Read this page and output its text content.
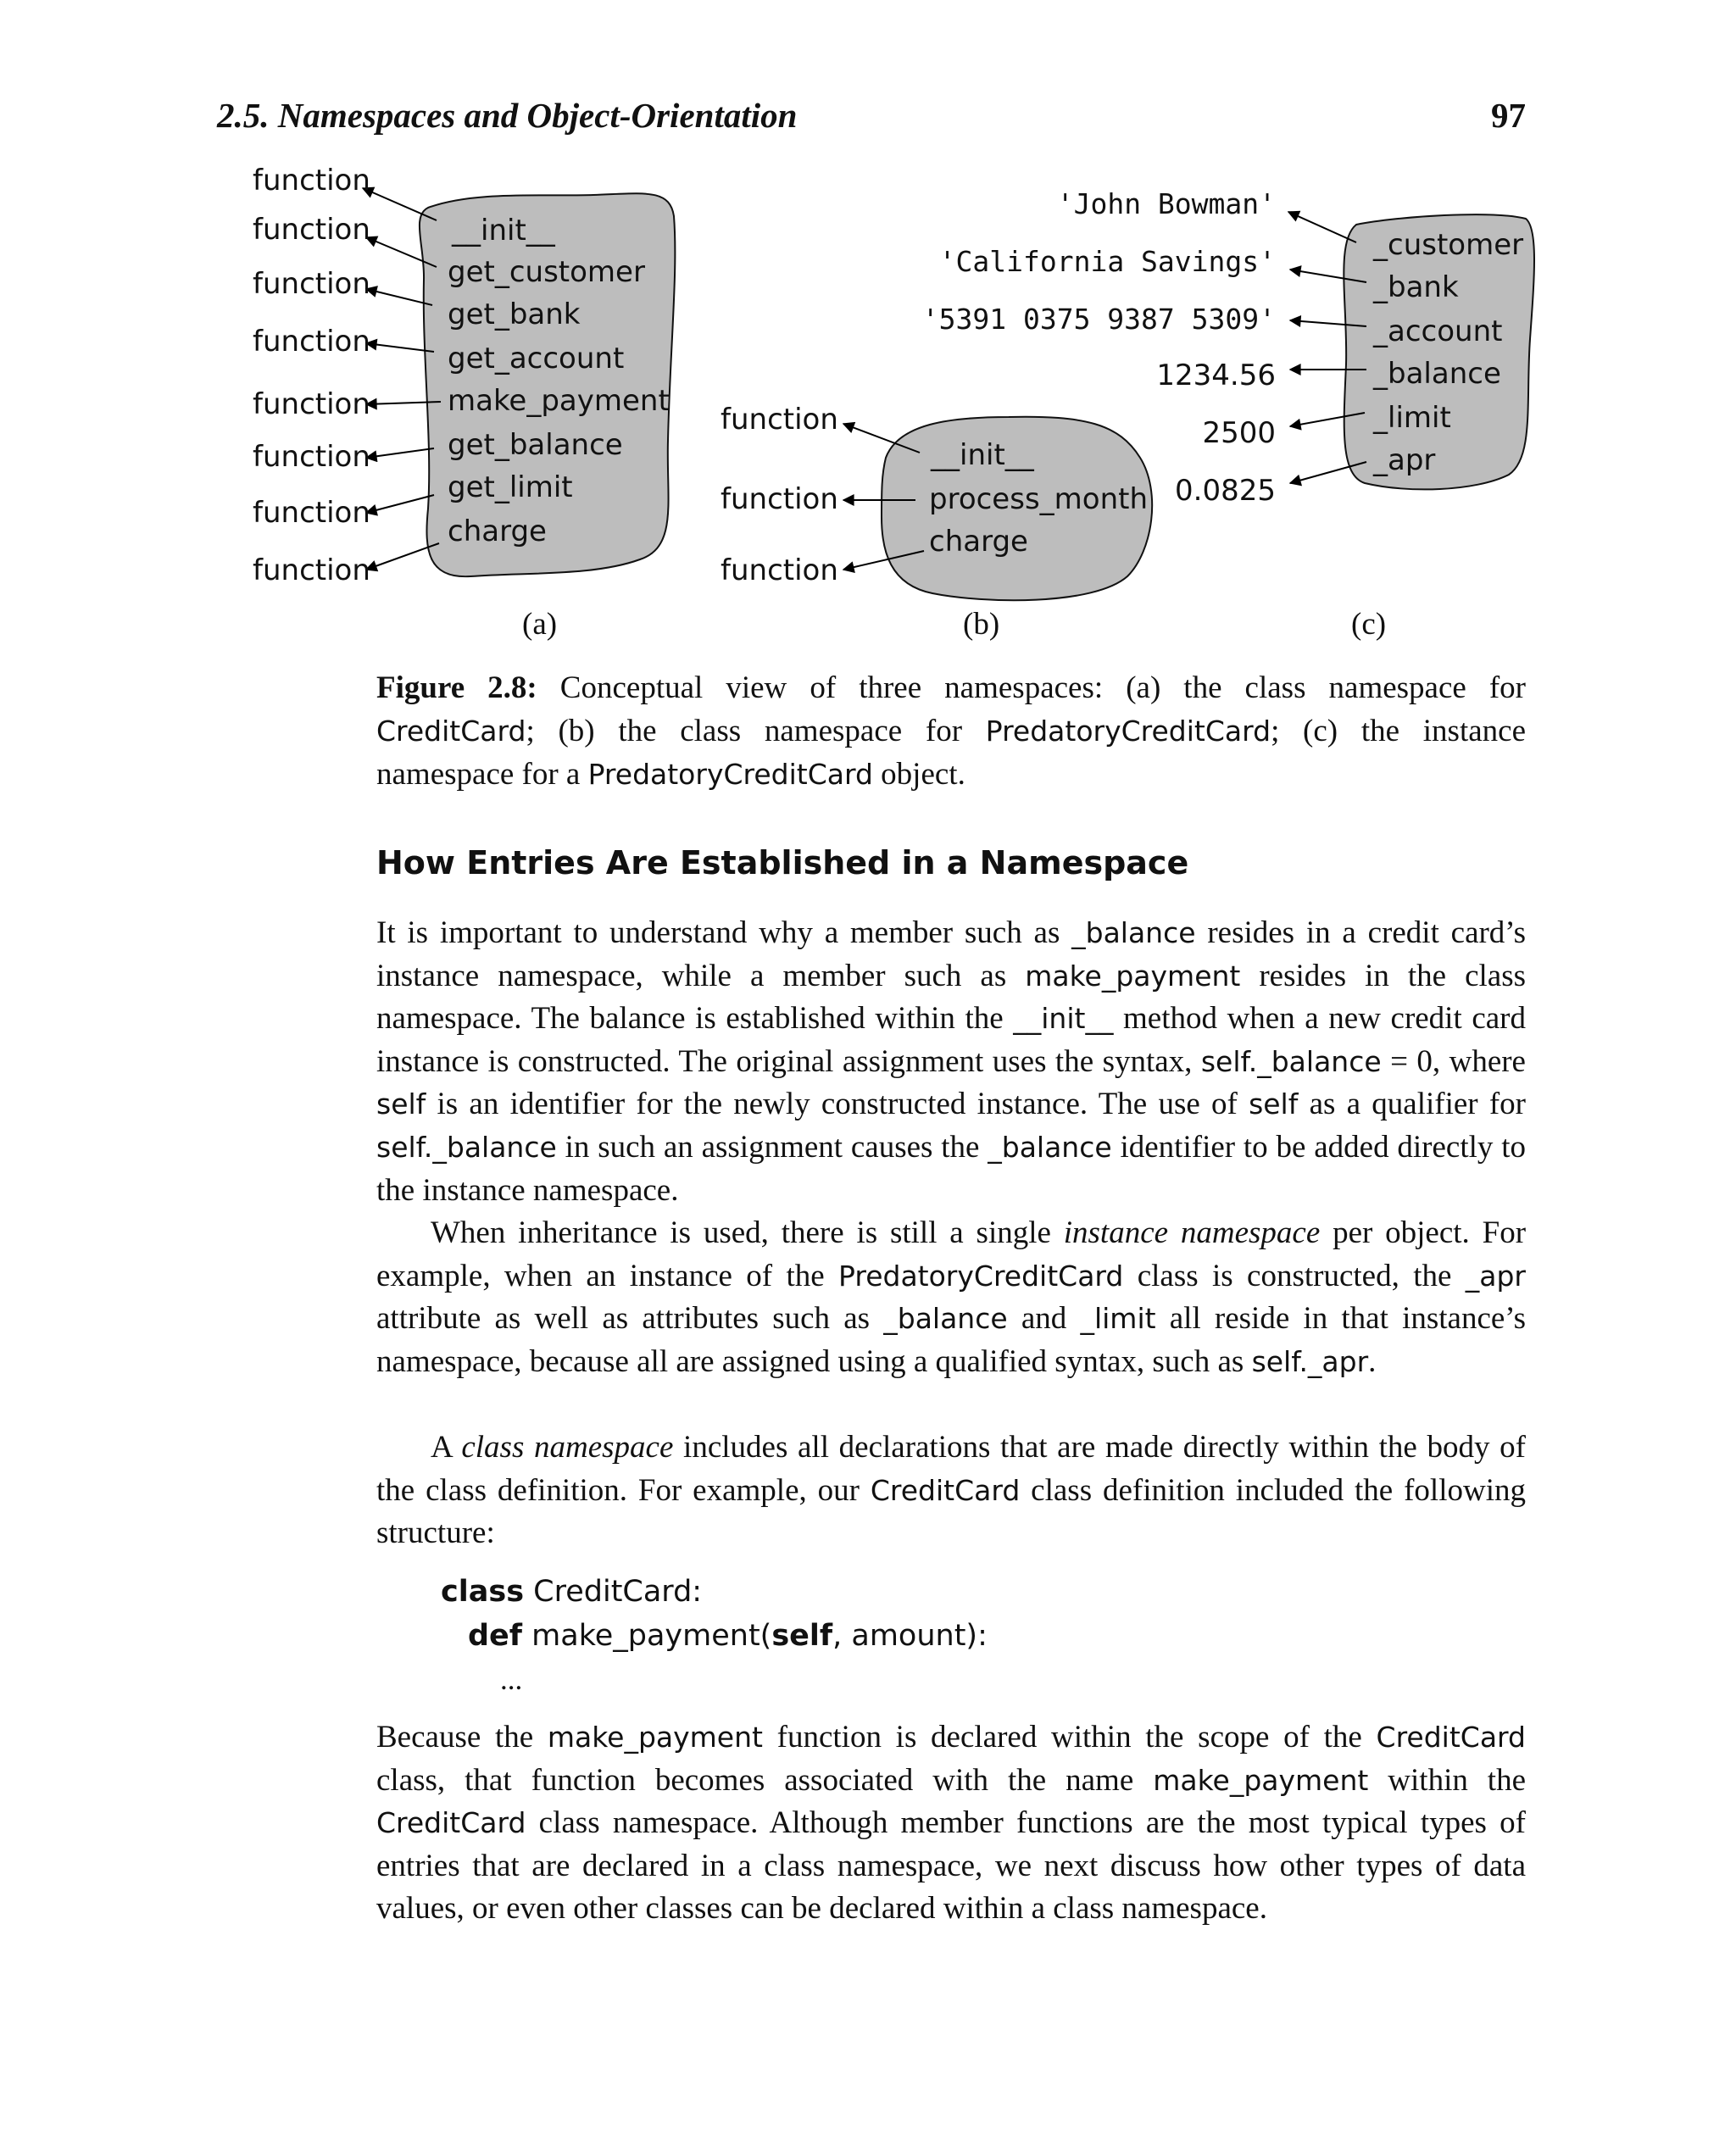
2.5. Namespaces and Object-Orientation	97
function
function
function
function
function
function
function
function
__init__
get_customer
get_bank
get_account
make_payment
get_balance
get_limit
charge
function
function
function
__init__
process_month
charge
'John Bowman'
'California Savings'
'5391 0375 9387 5309'
1234.56
2500
0.0825
_customer
_bank
_account
_balance
_limit
_apr
(a)	(b)	(c)
Figure 2.8: Conceptual view of three namespaces: (a) the class namespace for CreditCard; (b) the class namespace for PredatoryCreditCard; (c) the instance namespace for a PredatoryCreditCard object.
How Entries Are Established in a Namespace

It is important to understand why a member such as _balance resides in a credit card’s instance namespace, while a member such as make_payment resides in the class namespace. The balance is established within the __init__ method when a new credit card instance is constructed. The original assignment uses the syntax, self._balance = 0, where self is an identifier for the newly constructed instance. The use of self as a qualifier for self._balance in such an assignment causes the _balance identifier to be added directly to the instance namespace.

When inheritance is used, there is still a single instance namespace per object. For example, when an instance of the PredatoryCreditCard class is constructed, the _apr attribute as well as attributes such as _balance and _limit all reside in that instance’s namespace, because all are assigned using a qualified syntax, such as self._apr.

A class namespace includes all declarations that are made directly within the body of the class definition. For example, our CreditCard class definition included the following structure:

class CreditCard:
def make_payment(self, amount):
...

Because the make_payment function is declared within the scope of the CreditCard class, that function becomes associated with the name make_payment within the CreditCard class namespace. Although member functions are the most typical types of entries that are declared in a class namespace, we next discuss how other types of data values, or even other classes can be declared within a class namespace.
